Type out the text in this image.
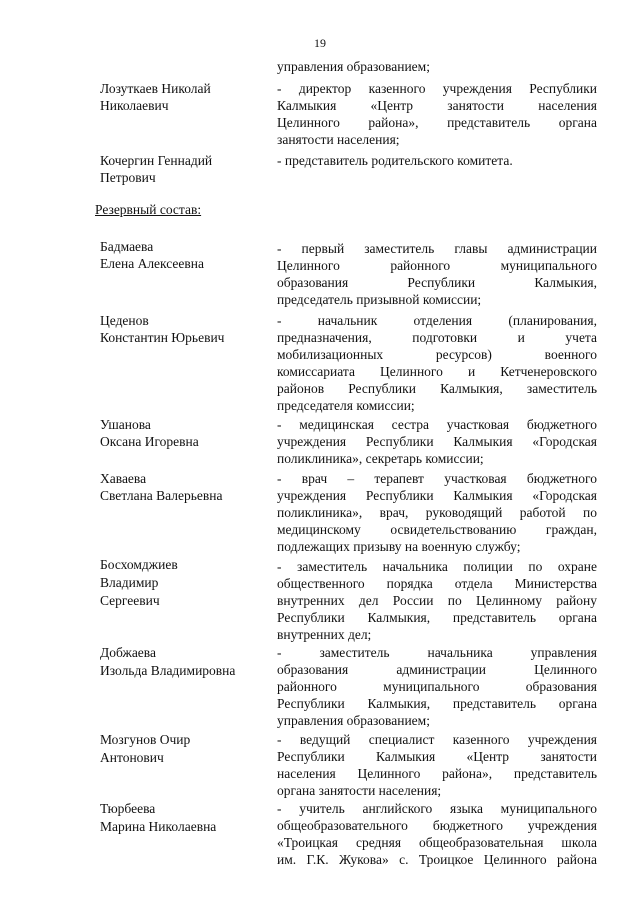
19
управления образованием;
Лозуткаев Николай
Николаевич
- директор казенного учреждения Республики
Калмыкия «Центр занятости населения
Целинного района», представитель органа
занятости населения;
Кочергин Геннадий
Петрович
- представитель родительского комитета.
Резервный состав:
Бадмаева
Елена Алексеевна
- первый заместитель главы администрации
Целинного районного муниципального
образования Республики Калмыкия,
председатель призывной комиссии;
Цеденов
Константин Юрьевич
- начальник отделения (планирования,
предназначения, подготовки и учета
мобилизационных ресурсов) военного
комиссариата Целинного и Кетченеровского
районов Республики Калмыкия, заместитель
председателя комиссии;
Ушанова
Оксана Игоревна
- медицинская сестра участковая бюджетного
учреждения Республики Калмыкия «Городская
поликлиника», секретарь комиссии;
Хаваева
Светлана Валерьевна
- врач – терапевт участковая бюджетного
учреждения Республики Калмыкия «Городская
поликлиника», врач, руководящий работой по
медицинскому освидетельствованию граждан,
подлежащих призыву на военную службу;
Босхомджиев
Владимир
Сергеевич
- заместитель начальника полиции по охране
общественного порядка отдела Министерства
внутренних дел России по Целинному району
Республики Калмыкия, представитель органа
внутренних дел;
Добжаева
Изольда Владимировна
- заместитель начальника управления
образования администрации Целинного
районного муниципального образования
Республики Калмыкия, представитель органа
управления образованием;
Мозгунов Очир
Антонович
- ведущий специалист казенного учреждения
Республики Калмыкия «Центр занятости
населения Целинного района», представитель
органа занятости населения;
Тюрбеева
Марина Николаевна
- учитель английского языка муниципального
общеобразовательного бюджетного учреждения
«Троицкая средняя общеобразовательная школа
им. Г.К. Жукова» с. Троицкое Целинного района
